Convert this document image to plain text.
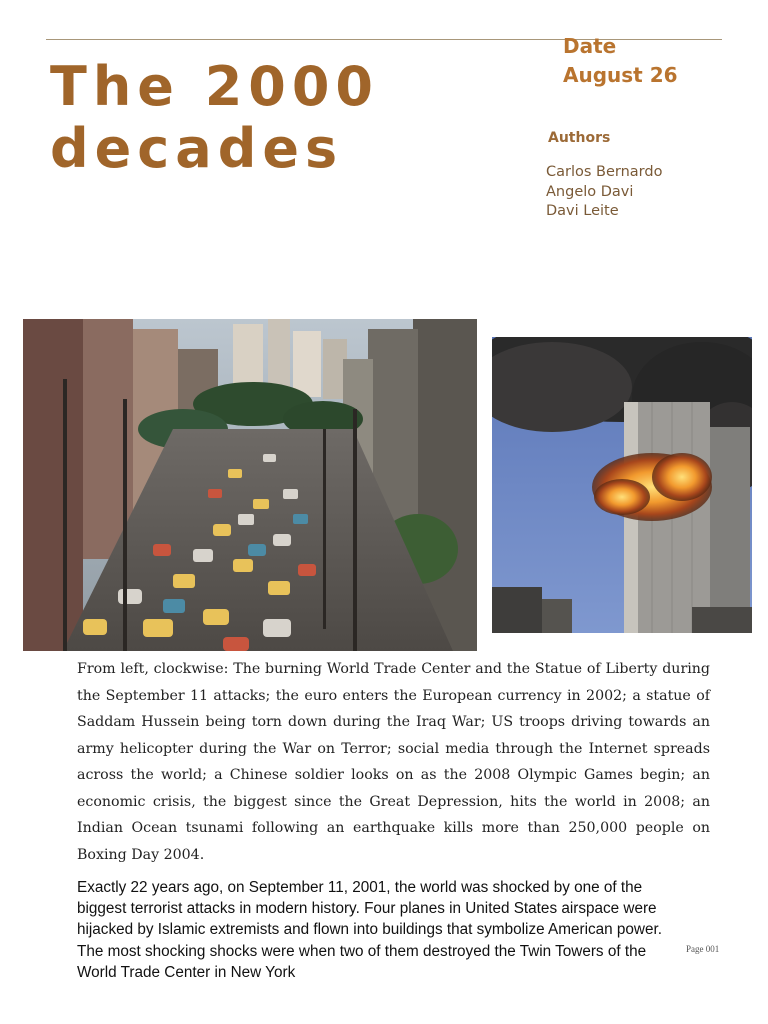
The 2000
decades
Date
August 26
Authors
Carlos Bernardo
Angelo Davi
Davi Leite

From left, clockwise: The burning World Trade Center and the Statue of Liberty during the September 11 attacks; the euro enters the European currency in 2002; a statue of Saddam Hussein being torn down during the Iraq War; US troops driving towards an army helicopter during the War on Terror; social media through the Internet spreads across the world; a Chinese soldier looks on as the 2008 Olympic Games begin; an economic crisis, the biggest since the Great Depression, hits the world in 2008; an Indian Ocean tsunami following an earthquake kills more than 250,000 people on Boxing Day 2004.

Exactly 22 years ago, on September 11, 2001, the world was shocked by one of the biggest terrorist attacks in modern history. Four planes in United States airspace were hijacked by Islamic extremists and flown into buildings that symbolize American power. The most shocking shocks were when two of them destroyed the Twin Towers of the World Trade Center in New York

Page 001
